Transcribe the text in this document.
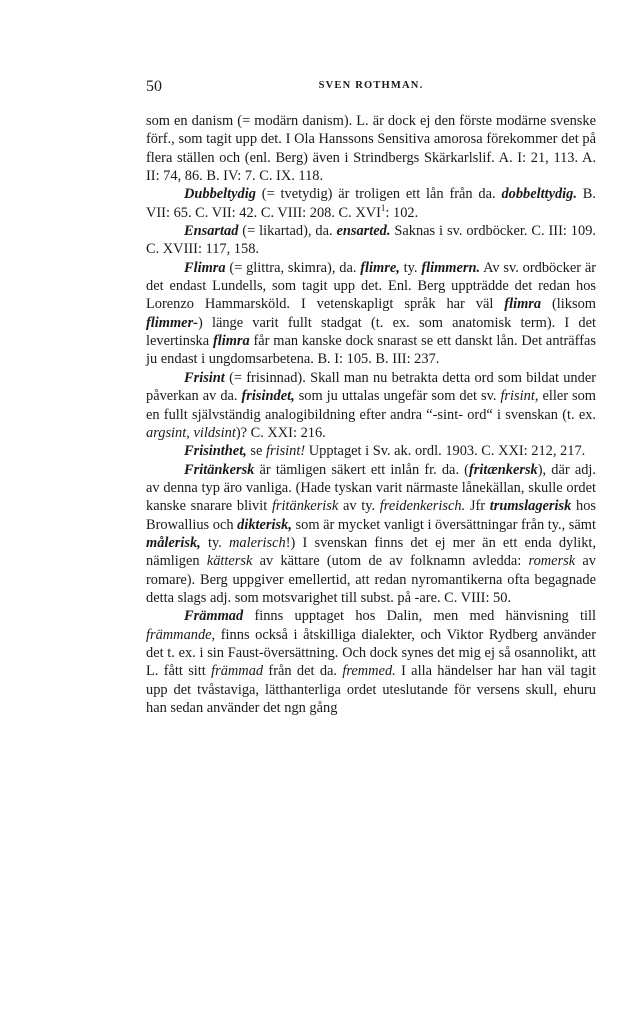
50	SVEN ROTHMAN.

som en danism (= modärn danism). L. är dock ej den förste modärne svenske förf., som tagit upp det. I Ola Hanssons Sensitiva amorosa förekommer det på flera ställen och (enl. Berg) även i Strindbergs Skärkarlslif. A. I: 21, 113. A. II: 74, 86. B. IV: 7. C. IX. 118.

Dubbeltydig (= tvetydig) är troligen ett lån från da. dobbelttydig. B. VII: 65. C. VII: 42. C. VIII: 208. C. XVI$^1$: 102.

Ensartad (= likartad), da. ensarted. Saknas i sv. ordböcker. C. III: 109. C. XVIII: 117, 158.

Flimra (= glittra, skimra), da. flimre, ty. flimmern. Av sv. ordböcker är det endast Lundells, som tagit upp det. Enl. Berg uppträdde det redan hos Lorenzo Hammarsköld. I vetenskapligt språk har väl flimra (liksom flimmer-) länge varit fullt stadgat (t. ex. som anatomisk term). I det levertinska flimra får man kanske dock snarast se ett danskt lån. Det anträffas ju endast i ungdomsarbetena. B. I: 105. B. III: 237.

Frisint (= frisinnad). Skall man nu betrakta detta ord som bildat under påverkan av da. frisindet, som ju uttalas ungefär som det sv. frisint, eller som en fullt självständig analogibildning efter andra “-sint- ord“ i svenskan (t. ex. argsint, vildsint)? C. XXI: 216.

Frisinthet, se frisint! Upptaget i Sv. ak. ordl. 1903. C. XXI: 212, 217.

Fritänkersk är tämligen säkert ett inlån fr. da. (fritænkersk), där adj. av denna typ äro vanliga. (Hade tyskan varit närmaste lånekällan, skulle ordet kanske snarare blivit fritänkerisk av ty. freidenkerisch. Jfr trumslagerisk hos Browallius och dikterisk, som är mycket vanligt i översättningar från ty., sämt målerisk, ty. malerisch!) I svenskan finns det ej mer än ett enda dylikt, nämligen kättersk av kättare (utom de av folknamn avledda: romersk av romare). Berg uppgiver emellertid, att redan nyromantikerna ofta begagnade detta slags adj. som motsvarighet till subst. på -are. C. VIII: 50.

Främmad finns upptaget hos Dalin, men med hänvisning till främmande, finns också i åtskilliga dialekter, och Viktor Rydberg använder det t. ex. i sin Faust-översättning. Och dock synes det mig ej så osannolikt, att L. fått sitt främmad från det da. fremmed. I alla händelser har han väl tagit upp det tvåstaviga, lätthanterliga ordet uteslutande för versens skull, ehuru han sedan använder det ngn gång
